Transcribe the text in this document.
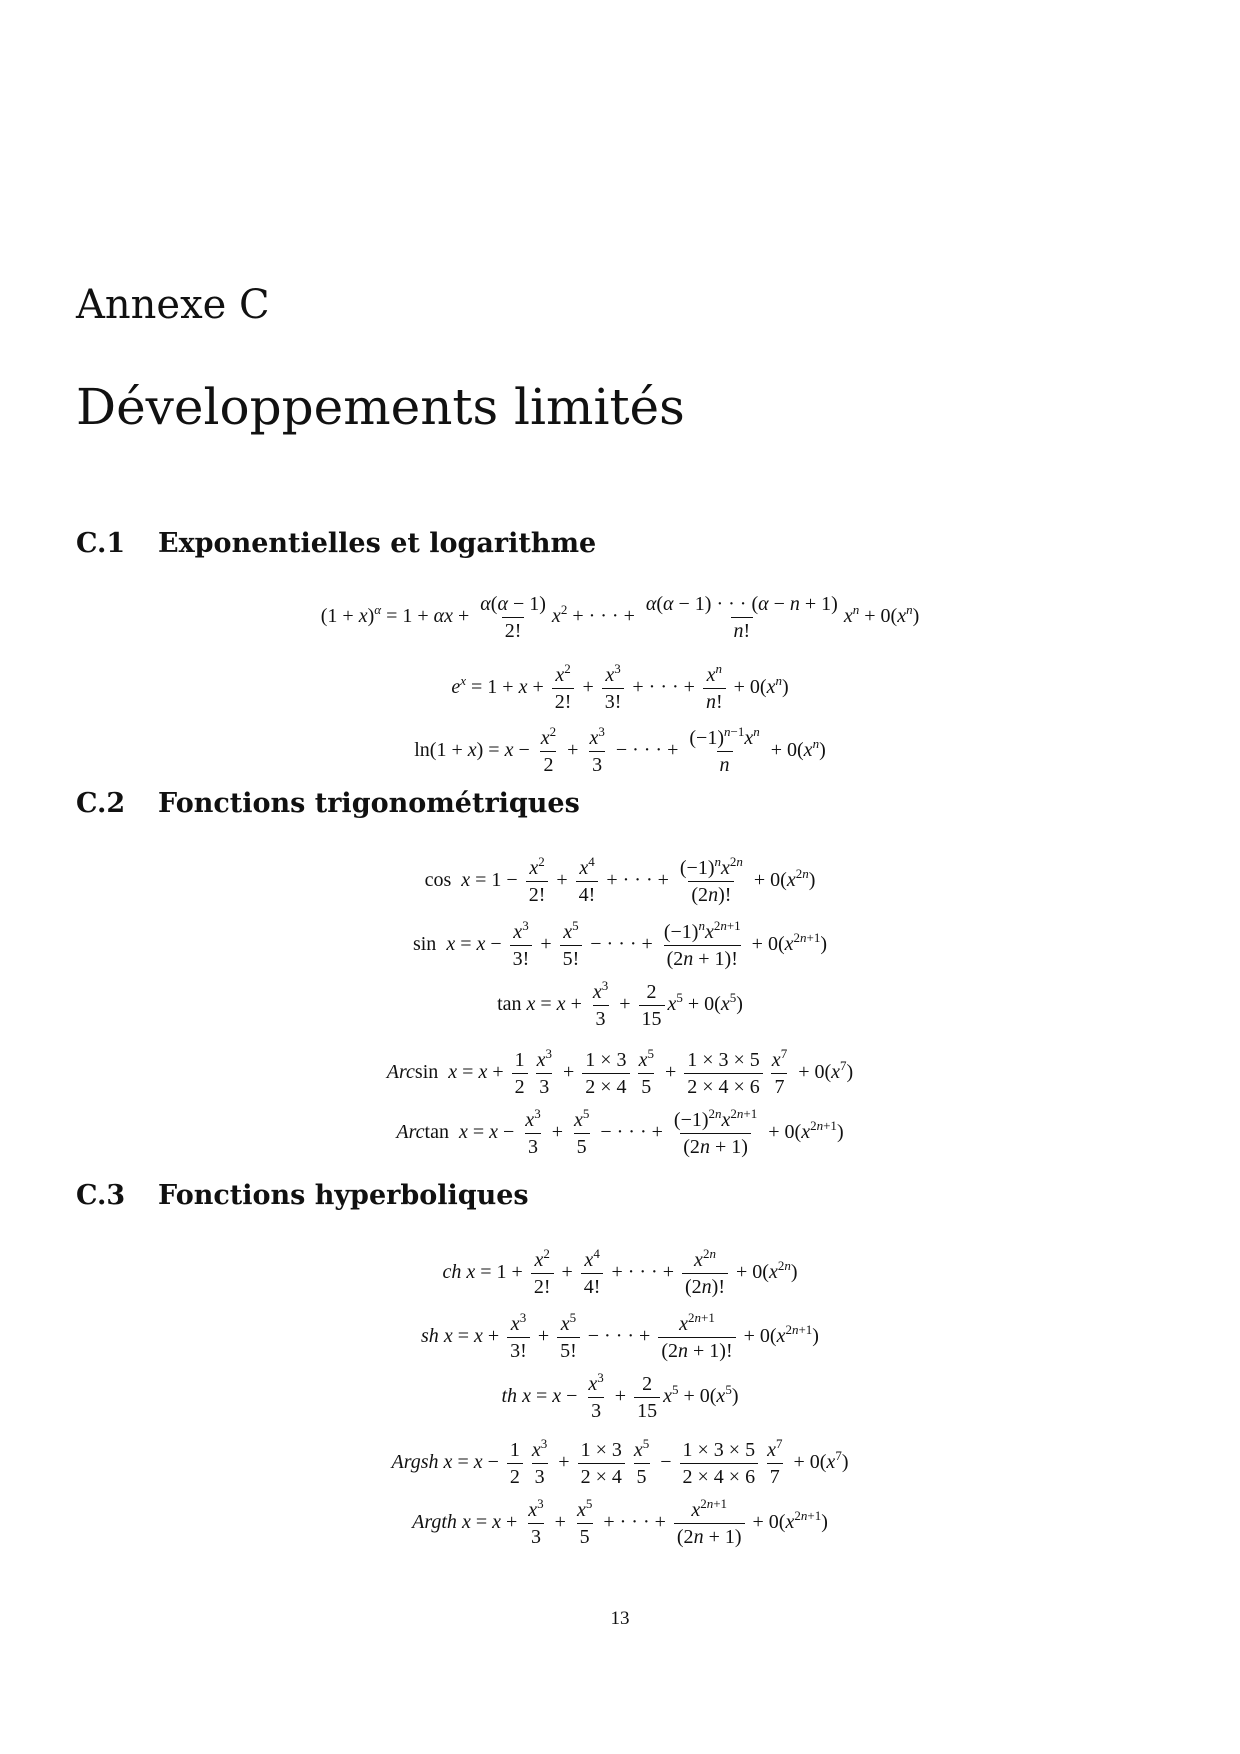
Annexe C
Développements limités
C.1 Exponentielles et logarithme
$(1 + x)^\alpha = 1 + \alpha x + \frac{\alpha(\alpha - 1)}{2!} x^2$ + · · · + $\frac{\alpha(\alpha - 1) \cdot \cdot \cdot (\alpha - n + 1)}{n!} x^n + 0(x^n)$
$e^x = 1 + x + \frac{x^2}{2!} + \frac{x^3}{3!}$ + · · · + $\frac{x^n}{n!} + 0(x^n)$
$\ln(1 + x) = x - \frac{x^2}{2} + \frac{x^3}{3}$ − · · · + $\frac{(-1)^{n-1}x^n}{n} + 0(x^n)$
C.2 Fonctions trigonométriques
$\cos x = 1 - \frac{x^2}{2!} + \frac{x^4}{4!}$ + · · · + $\frac{(-1)^nx^{2n}}{(2n)!} + 0(x^{2n})$
$\sin x = x - \frac{x^3}{3!} + \frac{x^5}{5!}$ − · · · + $\frac{(-1)^nx^{2n+1}}{(2n + 1)!} + 0(x^{2n+1})$
$\tan x = x + \frac{x^3}{3} + \frac{2}{15} x^5 + 0(x^5)$
Arcsin  $x = x + \frac{1}{2} \frac{x^3}{3} + \frac{1 \times 3}{2 \times 4} \frac{x^5}{5} + \frac{1 \times 3 \times 5}{2 \times 4 \times 6} \frac{x^7}{7} + 0(x^7)$
Arctan  $x = x - \frac{x^3}{3} + \frac{x^5}{5}$ − · · · + $\frac{(-1)^{2n}x^{2n+1}}{(2n + 1)} + 0(x^{2n+1})$
C.3 Fonctions hyperboliques
ch $x = 1 + \frac{x^2}{2!} + \frac{x^4}{4!}$ + · · · + $\frac{x^{2n}}{(2n)!} + 0(x^{2n})$
sh $x = x + \frac{x^3}{3!} + \frac{x^5}{5!}$ − · · · + $\frac{x^{2n+1}}{(2n + 1)!} + 0(x^{2n+1})$
th $x = x - \frac{x^3}{3} + \frac{2}{15} x^5 + 0(x^5)$
Argsh $x = x - \frac{1}{2} \frac{x^3}{3} + \frac{1 \times 3}{2 \times 4} \frac{x^5}{5} - \frac{1 \times 3 \times 5}{2 \times 4 \times 6} \frac{x^7}{7} + 0(x^7)$
Argth $x = x + \frac{x^3}{3} + \frac{x^5}{5}$ + · · · + $\frac{x^{2n+1}}{(2n + 1)} + 0(x^{2n+1})$
13
